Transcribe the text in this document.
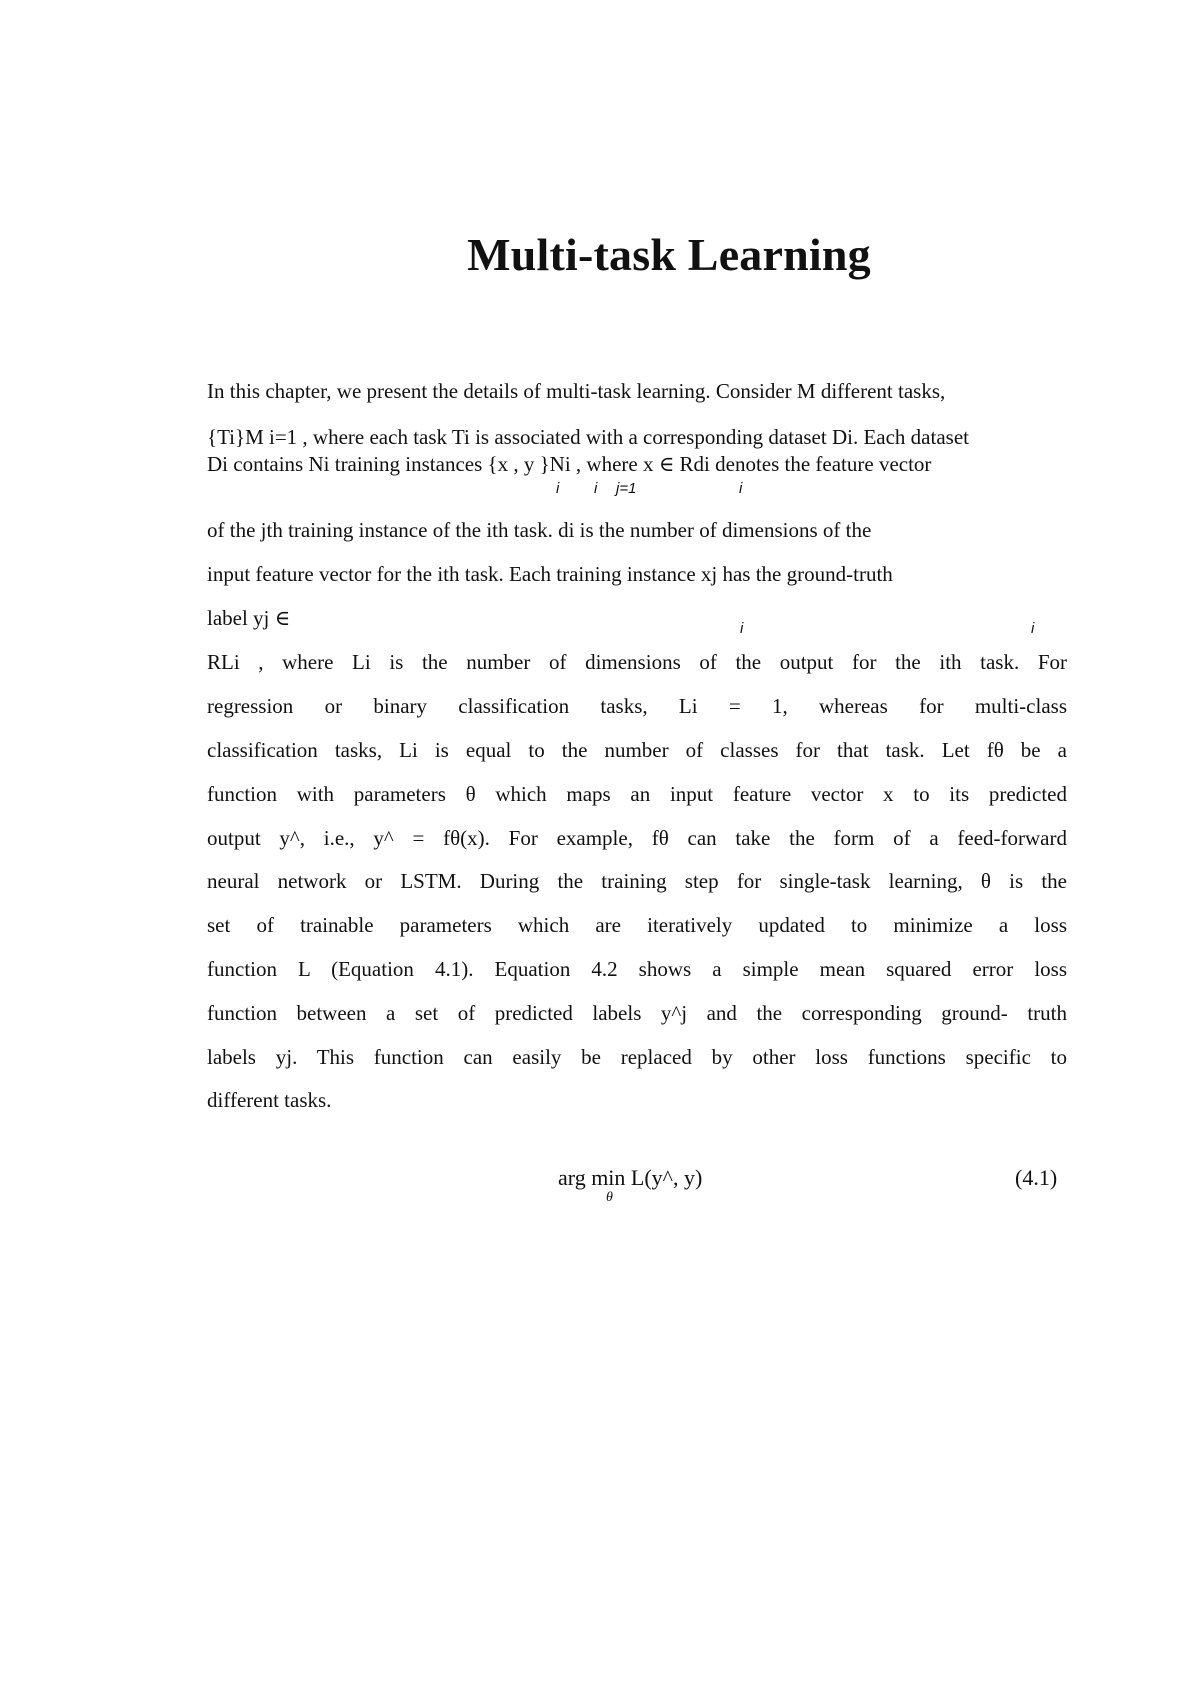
Multi-task Learning
In this chapter, we present the details of multi-task learning. Consider M different tasks,
{Ti}M i=1 , where each task Ti is associated with a corresponding dataset Di. Each dataset
Di contains Ni training instances {x , y }Ni , where x ∈ Rdi denotes the feature vector
i i j=1	i
of the jth training instance of the ith task. di is the number of dimensions of the
input feature vector for the ith task. Each training instance xj has the ground-truth
label yj ∈	i	i
RLi , where Li is the number of dimensions of the output for the ith task. For
regression or binary classification tasks, Li = 1, whereas for multi-class
classification tasks, Li is equal to the number of classes for that task. Let fθ be a
function with parameters θ which maps an input feature vector x to its predicted
output y^, i.e., y^ = fθ(x). For example, fθ can take the form of a feed-forward
neural network or LSTM. During the training step for single-task learning, θ is the
set of trainable parameters which are iteratively updated to minimize a loss
function L (Equation 4.1). Equation 4.2 shows a simple mean squared error loss
function between a set of predicted labels y^j and the corresponding ground- truth
labels yj. This function can easily be replaced by other loss functions specific to
different tasks.
arg min L(y^, y)
θ
(4.1)
